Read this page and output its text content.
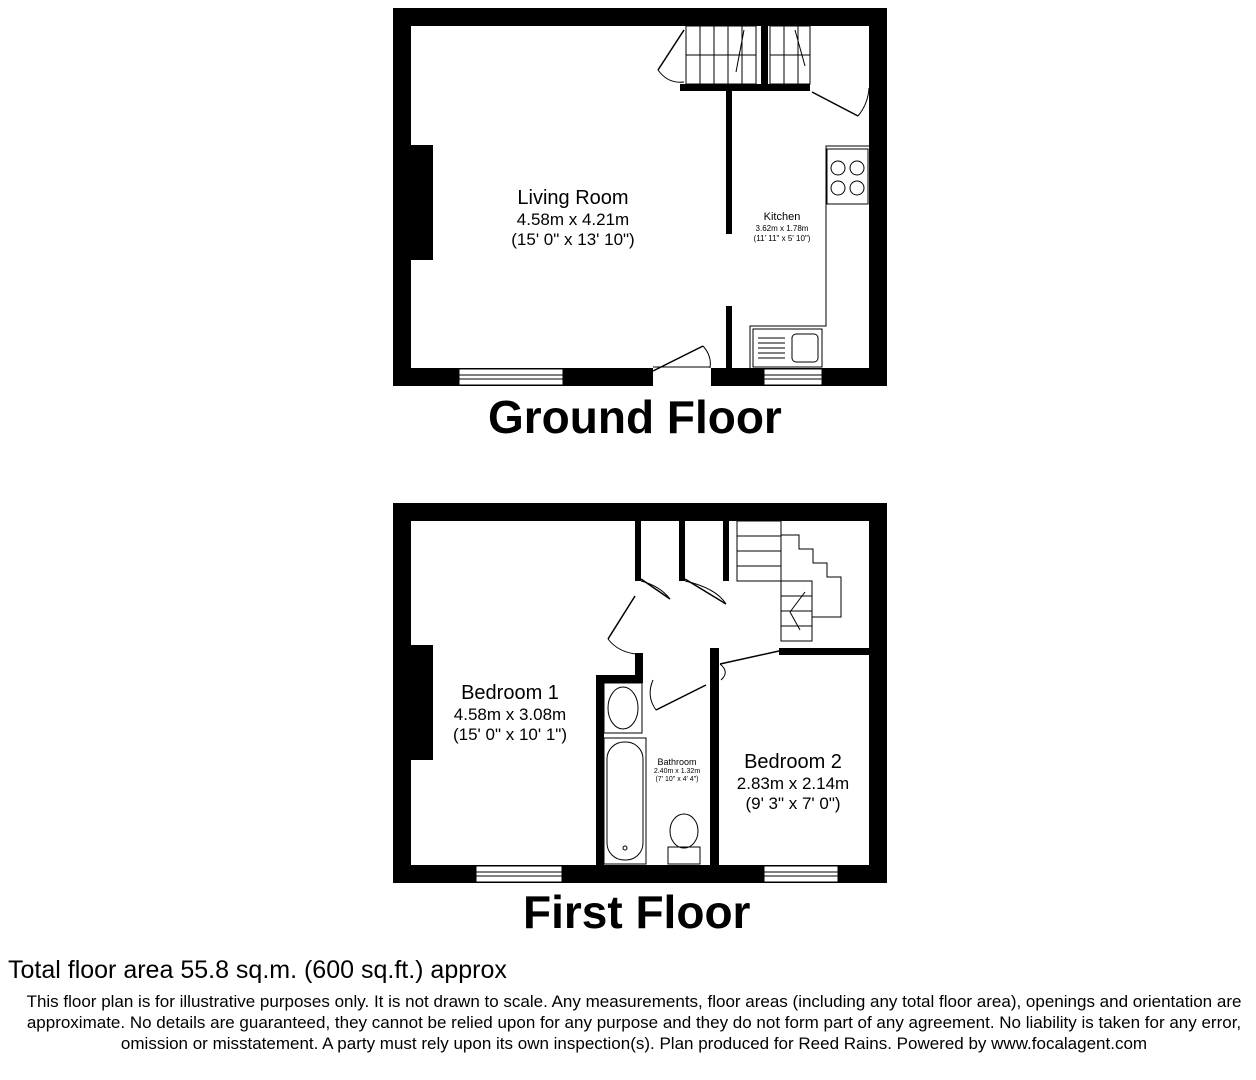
Ground Floor
Living Room
4.58m x 4.21m
(15' 0" x 13' 10")
Kitchen
3.62m x 1.78m
(11' 11" x 5' 10")
First Floor
Bedroom 1
4.58m x 3.08m
(15' 0" x 10' 1")
Bathroom
2.40m x 1.32m
(7' 10" x 4' 4")
Bedroom 2
2.83m x 2.14m
(9' 3" x 7' 0")
Total floor area 55.8 sq.m. (600 sq.ft.) approx
This floor plan is for illustrative purposes only. It is not drawn to scale. Any measurements, floor areas (including any total floor area), openings and orientation are approximate. No details are guaranteed, they cannot be relied upon for any purpose and they do not form part of any agreement. No liability is taken for any error, omission or misstatement. A party must rely upon its own inspection(s). Plan produced for Reed Rains. Powered by www.focalagent.com
